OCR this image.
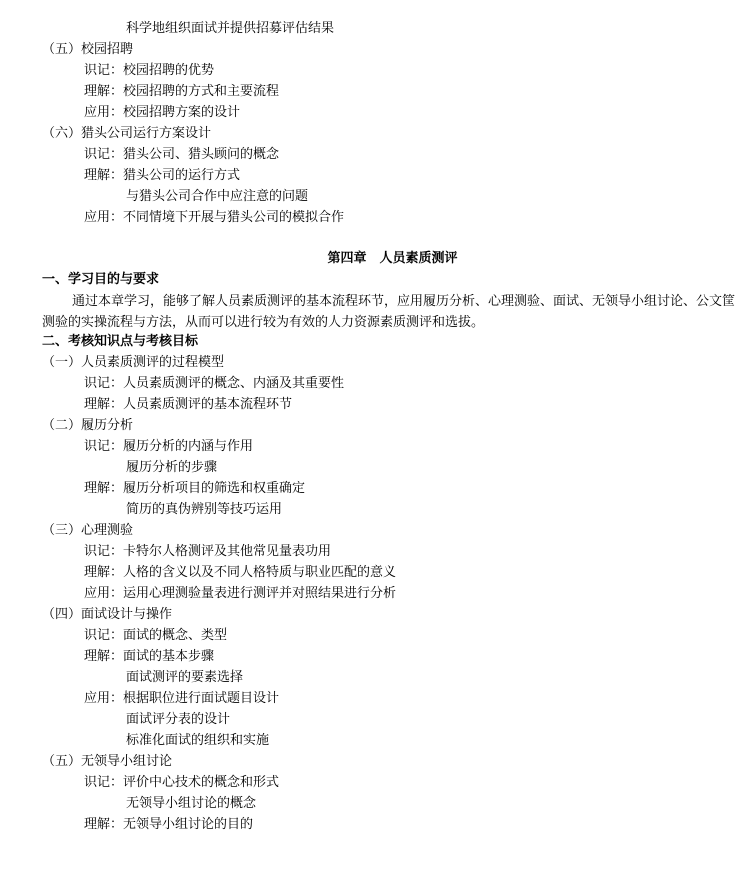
科学地组织面试并提供招募评估结果
（五）校园招聘
识记：校园招聘的优势
理解：校园招聘的方式和主要流程
应用：校园招聘方案的设计
（六）猎头公司运行方案设计
识记：猎头公司、猎头顾问的概念
理解：猎头公司的运行方式
与猎头公司合作中应注意的问题
应用：不同情境下开展与猎头公司的模拟合作
第四章　人员素质测评
一、学习目的与要求
通过本章学习，能够了解人员素质测评的基本流程环节，应用履历分析、心理测验、面试、无领导小组讨论、公文筐测验的实操流程与方法，从而可以进行较为有效的人力资源素质测评和选拔。
二、考核知识点与考核目标
（一）人员素质测评的过程模型
识记：人员素质测评的概念、内涵及其重要性
理解：人员素质测评的基本流程环节
（二）履历分析
识记：履历分析的内涵与作用
履历分析的步骤
理解：履历分析项目的筛选和权重确定
简历的真伪辨别等技巧运用
（三）心理测验
识记：卡特尔人格测评及其他常见量表功用
理解：人格的含义以及不同人格特质与职业匹配的意义
应用：运用心理测验量表进行测评并对照结果进行分析
（四）面试设计与操作
识记：面试的概念、类型
理解：面试的基本步骤
面试测评的要素选择
应用：根据职位进行面试题目设计
面试评分表的设计
标准化面试的组织和实施
（五）无领导小组讨论
识记：评价中心技术的概念和形式
无领导小组讨论的概念
理解：无领导小组讨论的目的
